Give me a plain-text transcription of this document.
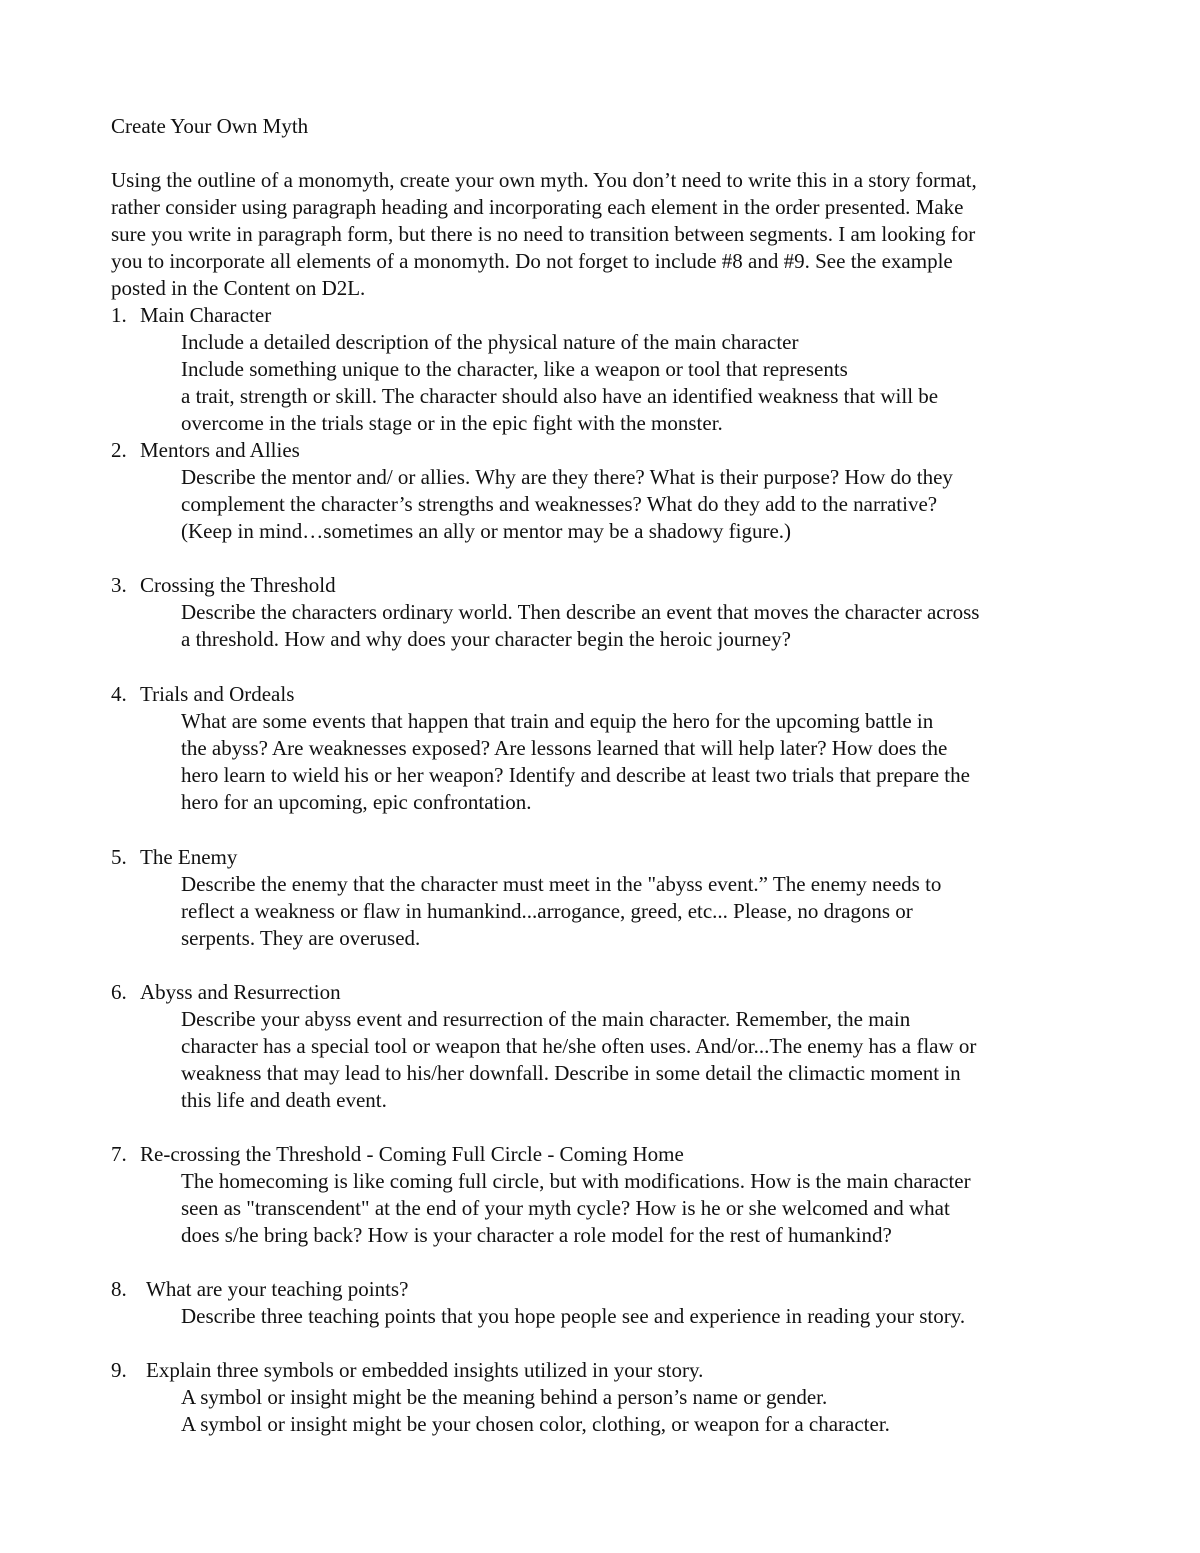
Create Your Own Myth
Using the outline of a monomyth, create your own myth. You don’t need to write this in a story format,
rather consider using paragraph heading and incorporating each element in the order presented. Make
sure you write in paragraph form, but there is no need to transition between segments. I am looking for
you to incorporate all elements of a monomyth. Do not forget to include #8 and #9. See the example
posted in the Content on D2L.
1. Main Character
Include a detailed description of the physical nature of the main character
Include something unique to the character, like a weapon or tool that represents
a trait, strength or skill. The character should also have an identified weakness that will be
overcome in the trials stage or in the epic fight with the monster.
2. Mentors and Allies
Describe the mentor and/ or allies. Why are they there? What is their purpose? How do they
complement the character’s strengths and weaknesses? What do they add to the narrative?
(Keep in mind…sometimes an ally or mentor may be a shadowy figure.)
3. Crossing the Threshold
Describe the characters ordinary world. Then describe an event that moves the character across
a threshold. How and why does your character begin the heroic journey?
4. Trials and Ordeals
What are some events that happen that train and equip the hero for the upcoming battle in
the abyss? Are weaknesses exposed? Are lessons learned that will help later? How does the
hero learn to wield his or her weapon? Identify and describe at least two trials that prepare the
hero for an upcoming, epic confrontation.
5. The Enemy
Describe the enemy that the character must meet in the "abyss event.” The enemy needs to
reflect a weakness or flaw in humankind...arrogance, greed, etc... Please, no dragons or
serpents. They are overused.
6. Abyss and Resurrection
Describe your abyss event and resurrection of the main character. Remember, the main
character has a special tool or weapon that he/she often uses. And/or...The enemy has a flaw or
weakness that may lead to his/her downfall. Describe in some detail the climactic moment in
this life and death event.
7. Re-crossing the Threshold - Coming Full Circle - Coming Home
The homecoming is like coming full circle, but with modifications. How is the main character
seen as "transcendent" at the end of your myth cycle? How is he or she welcomed and what
does s/he bring back? How is your character a role model for the rest of humankind?
8. What are your teaching points?
Describe three teaching points that you hope people see and experience in reading your story.
9. Explain three symbols or embedded insights utilized in your story.
A symbol or insight might be the meaning behind a person’s name or gender.
A symbol or insight might be your chosen color, clothing, or weapon for a character.
